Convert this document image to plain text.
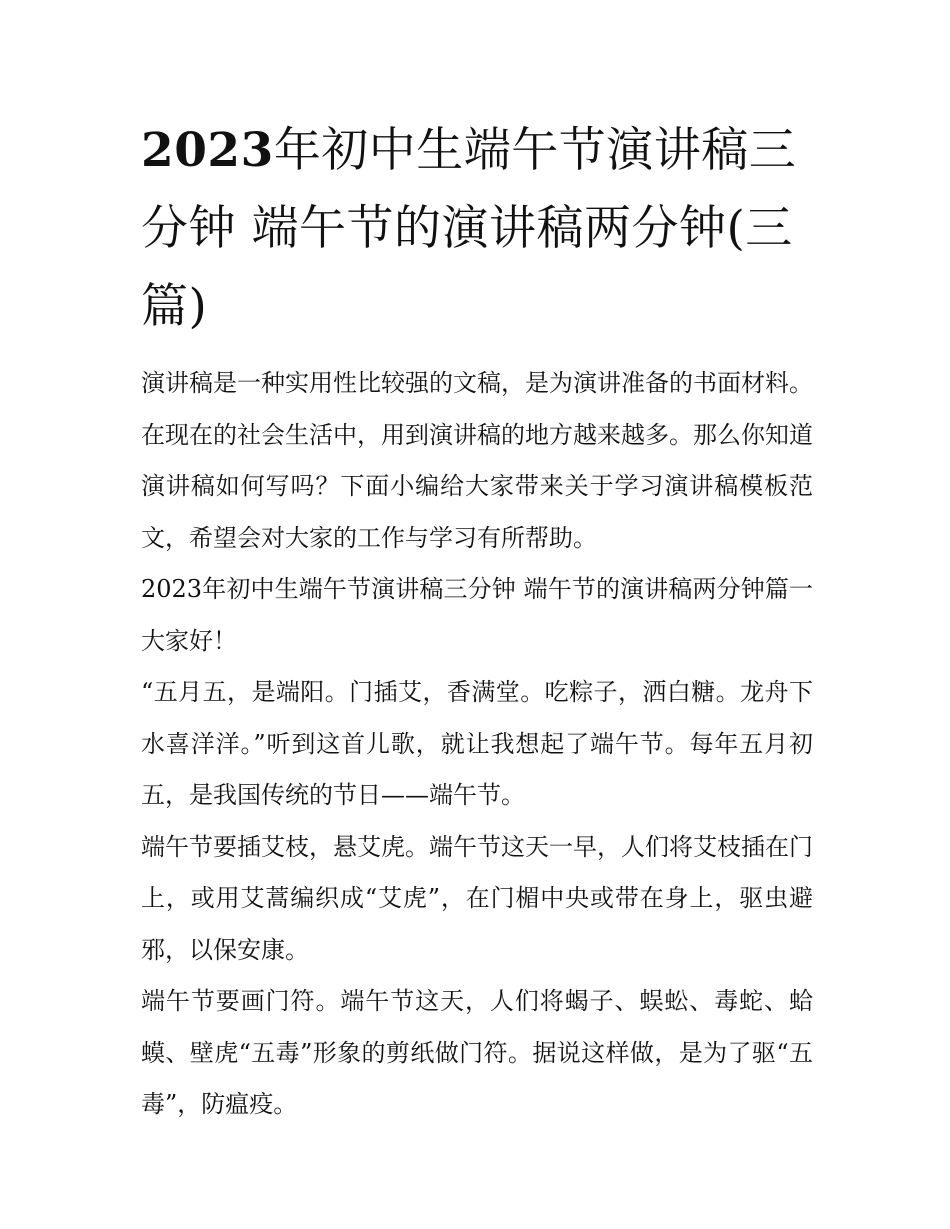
2023年初中生端午节演讲稿三分钟 端午节的演讲稿两分钟(三篇)

演讲稿是一种实用性比较强的文稿，是为演讲准备的书面材料。在现在的社会生活中，用到演讲稿的地方越来越多。那么你知道演讲稿如何写吗？下面小编给大家带来关于学习演讲稿模板范文，希望会对大家的工作与学习有所帮助。

2023年初中生端午节演讲稿三分钟 端午节的演讲稿两分钟篇一 大家好！

“五月五，是端阳。门插艾，香满堂。吃粽子，洒白糖。龙舟下水喜洋洋。”听到这首儿歌，就让我想起了端午节。每年五月初五，是我国传统的节日——端午节。

端午节要插艾枝，悬艾虎。端午节这天一早，人们将艾枝插在门上，或用艾蒿编织成“艾虎”，在门楣中央或带在身上，驱虫避邪，以保安康。

端午节要画门符。端午节这天，人们将蝎子、蜈蚣、毒蛇、蛤蟆、壁虎“五毒”形象的剪纸做门符。据说这样做，是为了驱“五毒”，防瘟疫。
